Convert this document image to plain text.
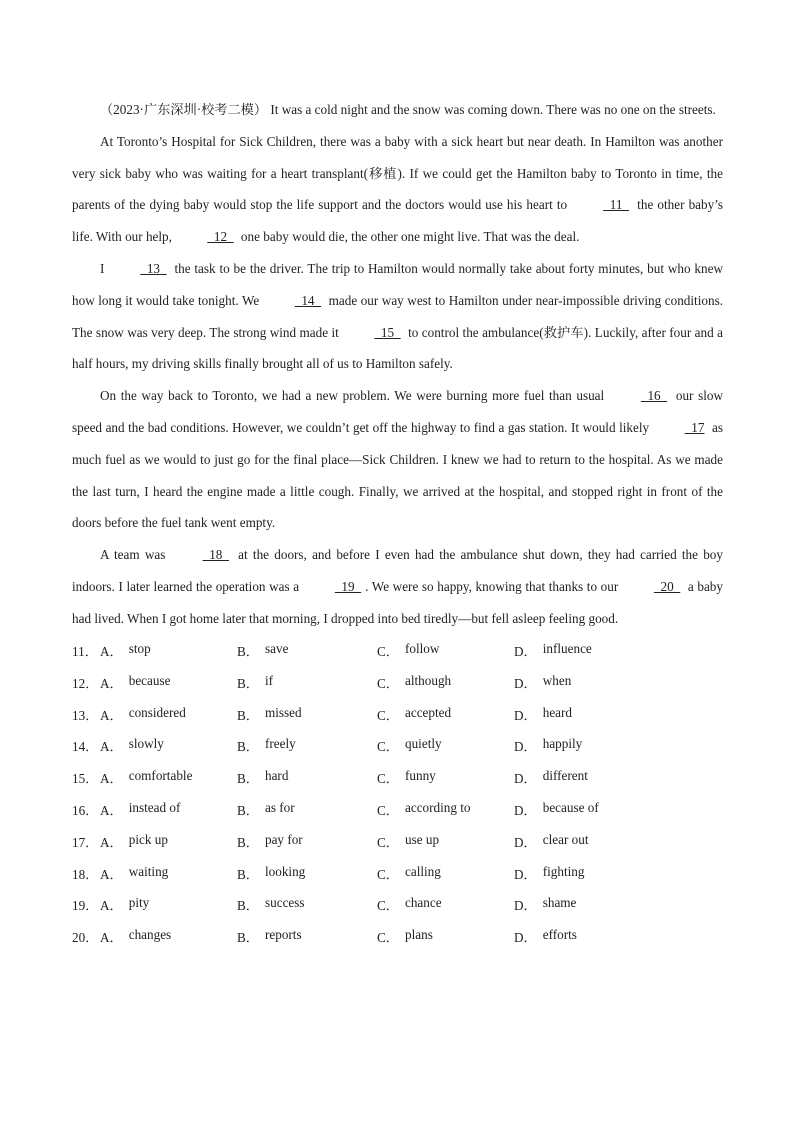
（2023·广东深圳·校考二模） It was a cold night and the snow was coming down. There was no one on the streets.

At Toronto’s Hospital for Sick Children, there was a baby with a sick heart but near death. In Hamilton was another very sick baby who was waiting for a heart transplant(移植). If we could get the Hamilton baby to Toronto in time, the parents of the dying baby would stop the life support and the doctors would use his heart to   11   the other baby’s life. With our help,   12   one baby would die, the other one might live. That was the deal.

I   13   the task to be the driver. The trip to Hamilton would normally take about forty minutes, but who knew how long it would take tonight. We   14   made our way west to Hamilton under near-impossible driving conditions. The snow was very deep. The strong wind made it   15   to control the ambulance(救护车). Luckily, after four and a half hours, my driving skills finally brought all of us to Hamilton safely.

On the way back to Toronto, we had a new problem. We were burning more fuel than usual   16   our slow speed and the bad conditions. However, we couldn’t get off the highway to find a gas station. It would likely   17 as much fuel as we would to just go for the final place—Sick Children. I knew we had to return to the hospital. As we made the last turn, I heard the engine made a little cough. Finally, we arrived at the hospital, and stopped right in front of the doors before the fuel tank went empty.

A team was   18   at the doors, and before I even had the ambulance shut down, they had carried the boy indoors. I later learned the operation was a   19  . We were so happy, knowing that thanks to our   20   a baby had lived. When I got home later that morning, I dropped into bed tiredly—but fell asleep feeling good.

11． A． stop	B． save	C． follow	D． influence
12． A． because	B． if	C． although	D． when
13． A． considered	B． missed	C． accepted	D． heard
14． A． slowly	B． freely	C． quietly	D． happily
15． A． comfortable	B． hard	C． funny	D． different
16． A． instead of	B． as for	C． according to	D． because of
17． A． pick up	B． pay for	C． use up	D． clear out
18． A． waiting	B． looking	C． calling	D． fighting
19． A． pity	B． success	C． chance	D． shame
20． A． changes	B． reports	C． plans	D． efforts
